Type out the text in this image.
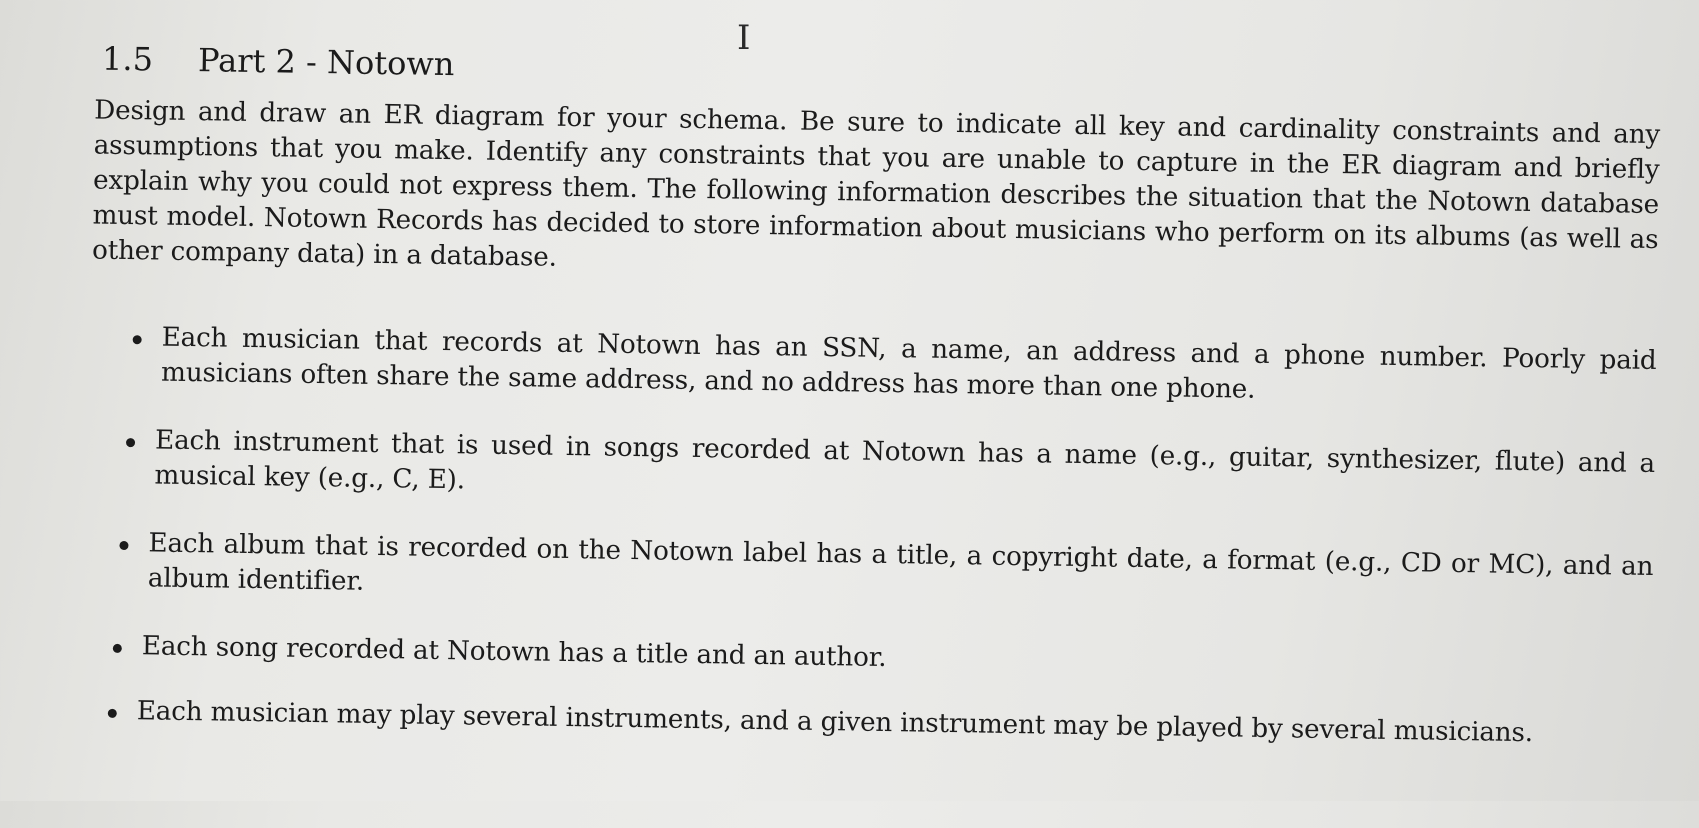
1.5 Part 2 - Notown

Design and draw an ER diagram for your schema. Be sure to indicate all key and cardinality constraints and any assumptions that you make. Identify any constraints that you are unable to capture in the ER diagram and briefly explain why you could not express them. The following information describes the situation that the Notown database must model. Notown Records has decided to store information about musicians who perform on its albums (as well as other company data) in a database.

Each musician that records at Notown has an SSN, a name, an address and a phone number. Poorly paid musicians often share the same address, and no address has more than one phone.
Each instrument that is used in songs recorded at Notown has a name (e.g., guitar, synthesizer, flute) and a musical key (e.g., C, E).
Each album that is recorded on the Notown label has a title, a copyright date, a format (e.g., CD or MC), and an album identifier.
Each song recorded at Notown has a title and an author.
Each musician may play several instruments, and a given instrument may be played by several musicians.
I
